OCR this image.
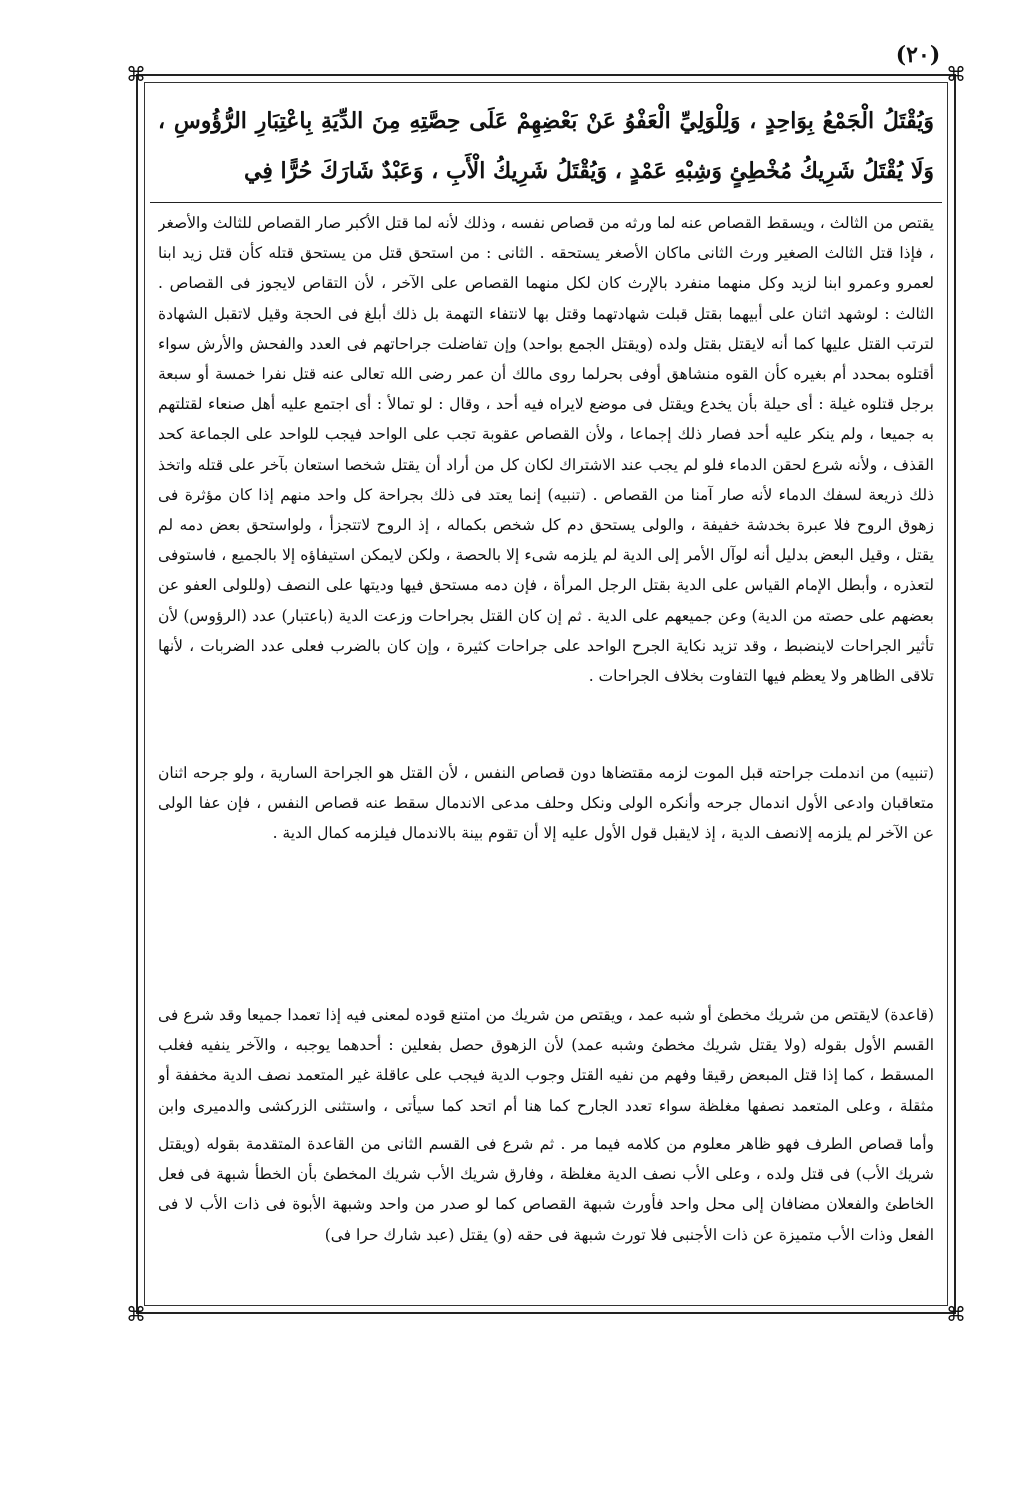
(٢٠)
⌘	⌘
⌘	⌘
وَيُقْتَلُ الْجَمْعُ بِوَاحِدٍ ، وَلِلْوَلِيِّ الْعَفْوُ عَنْ بَعْضِهِمْ عَلَى حِصَّتِهِ مِنَ الدِّيَةِ بِاعْتِبَارِ الرُّؤُوسِ ، وَلَا يُقْتَلُ شَرِيكُ مُخْطِئٍ وَشِبْهِ عَمْدٍ ، وَيُقْتَلُ شَرِيكُ الْأَبِ ، وَعَبْدٌ شَارَكَ حُرًّا فِي

يقتص من الثالث ، ويسقط القصاص عنه لما ورثه من قصاص نفسه ، وذلك لأنه لما قتل الأكبر صار القصاص للثالث والأصغر ، فإذا قتل الثالث الصغير ورث الثانى ماكان الأصغر يستحقه . الثانى : من استحق قتل من يستحق قتله كأن قتل زيد ابنا لعمرو وعمرو ابنا لزيد وكل منهما منفرد بالإرث كان لكل منهما القصاص على الآخر ، لأن التقاص لايجوز فى القصاص . الثالث : لوشهد اثنان على أبيهما بقتل قبلت شهادتهما وقتل بها لانتفاء التهمة بل ذلك أبلغ فى الحجة وقيل لاتقبل الشهادة لترتب القتل عليها كما أنه لايقتل بقتل ولده (ويقتل الجمع بواحد) وإن تفاضلت جراحاتهم فى العدد والفحش والأرش سواء أقتلوه بمحدد أم بغيره كأن القوه منشاهق أوفى بحرلما روى مالك أن عمر رضى الله تعالى عنه قتل نفرا خمسة أو سبعة برجل قتلوه غيلة : أى حيلة بأن يخدع ويقتل فى موضع لايراه فيه أحد ، وقال : لو تمالأ : أى اجتمع عليه أهل صنعاء لقتلتهم به جميعا ، ولم ينكر عليه أحد فصار ذلك إجماعا ، ولأن القصاص عقوبة تجب على الواحد فيجب للواحد على الجماعة كحد القذف ، ولأنه شرع لحقن الدماء فلو لم يجب عند الاشتراك لكان كل من أراد أن يقتل شخصا استعان بآخر على قتله واتخذ ذلك ذريعة لسفك الدماء لأنه صار آمنا من القصاص . (تنبيه) إنما يعتد فى ذلك بجراحة كل واحد منهم إذا كان مؤثرة فى زهوق الروح فلا عبرة بخدشة خفيفة ، والولى يستحق دم كل شخص بكماله ، إذ الروح لاتتجزأ ، ولواستحق بعض دمه لم يقتل ، وقيل البعض بدليل أنه لوآل الأمر إلى الدية لم يلزمه شىء إلا بالحصة ، ولكن لايمكن استيفاؤه إلا بالجميع ، فاستوفى لتعذره ، وأبطل الإمام القياس على الدية بقتل الرجل المرأة ، فإن دمه مستحق فيها وديتها على النصف (وللولى العفو عن بعضهم على حصته من الدية) وعن جميعهم على الدية . ثم إن كان القتل بجراحات وزعت الدية (باعتبار) عدد (الرؤوس) لأن تأثير الجراحات لاينضبط ، وقد تزيد نكاية الجرح الواحد على جراحات كثيرة ، وإن كان بالضرب فعلى عدد الضربات ، لأنها تلاقى الظاهر ولا يعظم فيها التفاوت بخلاف الجراحات .

(تنبيه) من اندملت جراحته قبل الموت لزمه مقتضاها دون قصاص النفس ، لأن القتل هو الجراحة السارية ، ولو جرحه اثنان متعاقبان وادعى الأول اندمال جرحه وأنكره الولى ونكل وحلف مدعى الاندمال سقط عنه قصاص النفس ، فإن عفا الولى عن الآخر لم يلزمه إلانصف الدية ، إذ لايقبل قول الأول عليه إلا أن تقوم بينة بالاندمال فيلزمه كمال الدية .

(قاعدة) لايقتص من شريك مخطئ أو شبه عمد ، ويقتص من شريك من امتنع قوده لمعنى فيه إذا تعمدا جميعا وقد شرع فى القسم الأول بقوله (ولا يقتل شريك مخطئ وشبه عمد) لأن الزهوق حصل بفعلين : أحدهما يوجبه ، والآخر ينفيه فغلب المسقط ، كما إذا قتل المبعض رقيقا وفهم من نفيه القتل وجوب الدية فيجب على عاقلة غير المتعمد نصف الدية مخففة أو مثقلة ، وعلى المتعمد نصفها مغلظة سواء تعدد الجارح كما هنا أم اتحد كما سيأتى ، واستثنى الزركشى والدميرى وابن

وأما قصاص الطرف فهو ظاهر معلوم من كلامه فيما مر . ثم شرع فى القسم الثانى من القاعدة المتقدمة بقوله (ويقتل شريك الأب) فى قتل ولده ، وعلى الأب نصف الدية مغلظة ، وفارق شريك الأب شريك المخطئ بأن الخطأ شبهة فى فعل الخاطئ والفعلان مضافان إلى محل واحد فأورث شبهة القصاص كما لو صدر من واحد وشبهة الأبوة فى ذات الأب لا فى الفعل وذات الأب متميزة عن ذات الأجنبى فلا تورث شبهة فى حقه (و) يقتل (عبد شارك حرا فى)
